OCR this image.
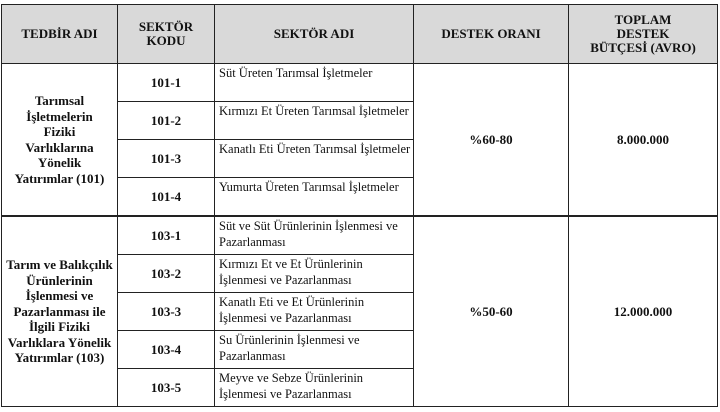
TEDBİR ADI	SEKTÖR KODU	SEKTÖR ADI	DESTEK ORANI	TOPLAM DESTEK BÜTÇESİ (AVRO)
Tarımsal İşletmelerin Fiziki Varlıklarına Yönelik Yatırımlar (101)	101-1	Süt Üreten Tarımsal İşletmeler	%60-80	8.000.000
	101-2	Kırmızı Et Üreten Tarımsal İşletmeler		
	101-3	Kanatlı Eti Üreten Tarımsal İşletmeler		
	101-4	Yumurta Üreten Tarımsal İşletmeler		
Tarım ve Balıkçılık Ürünlerinin İşlenmesi ve Pazarlanması ile İlgili Fiziki Varlıklara Yönelik Yatırımlar (103)	103-1	Süt ve Süt Ürünlerinin İşlenmesi ve Pazarlanması	%50-60	12.000.000
	103-2	Kırmızı Et ve Et Ürünlerinin İşlenmesi ve Pazarlanması		
	103-3	Kanatlı Eti ve Et Ürünlerinin İşlenmesi ve Pazarlanması		
	103-4	Su Ürünlerinin İşlenmesi ve Pazarlanması		
	103-5	Meyve ve Sebze Ürünlerinin İşlenmesi ve Pazarlanması		
